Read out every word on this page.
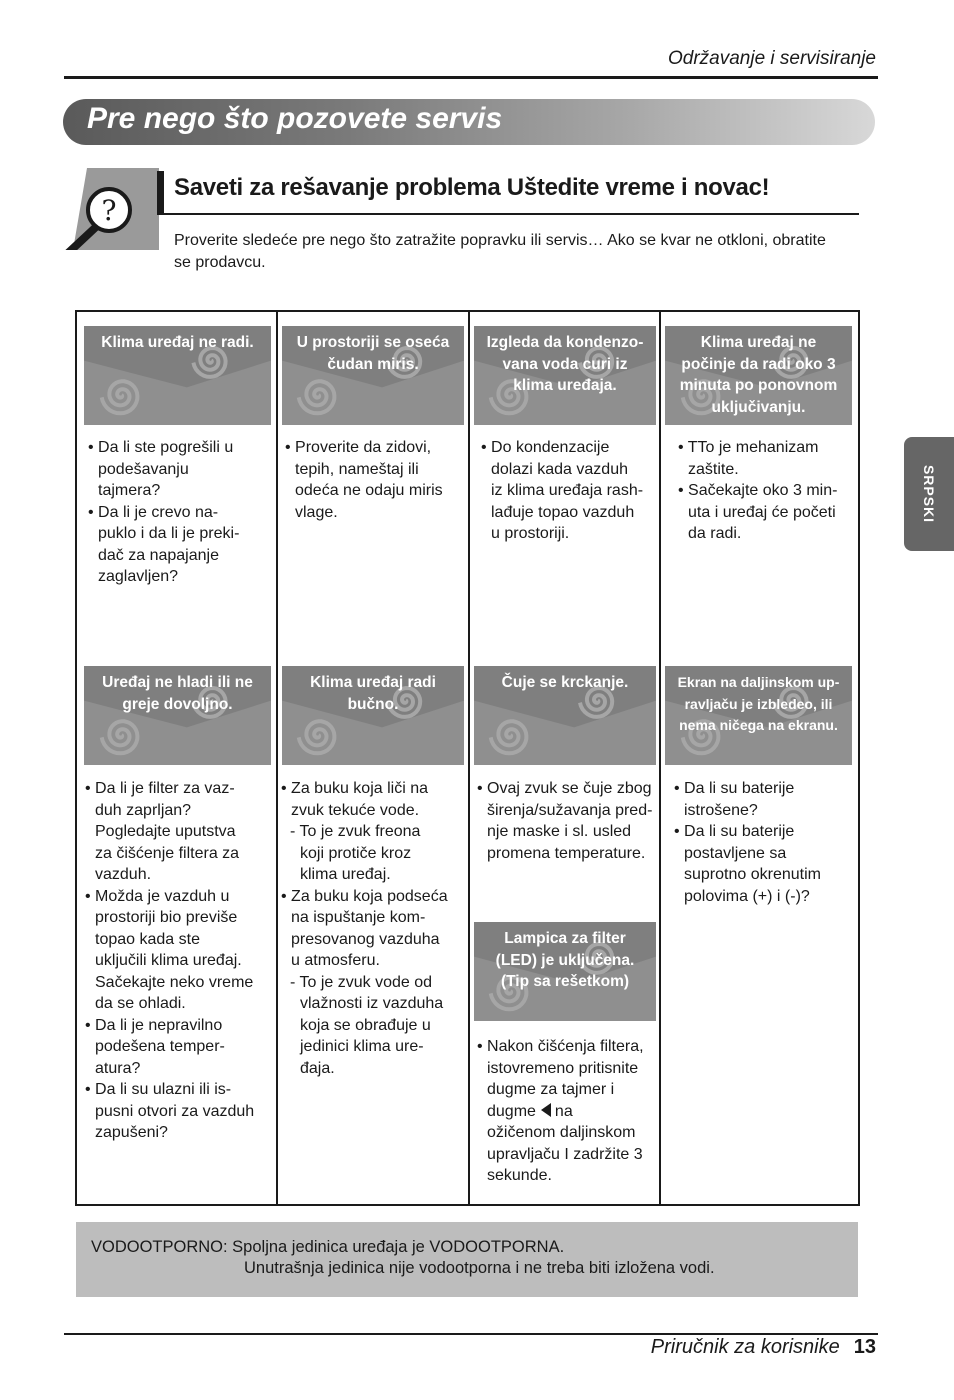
Održavanje i servisiranje
Pre nego što pozovete servis
?
Saveti za rešavanje problema Uštedite vreme i novac!
Proverite sledeće pre nego što zatražite popravku ili servis… Ako se kvar ne otkloni, obratite
se prodavcu.
Klima uređaj ne radi.
• Da li ste pogrešili u
podešavanju
tajmera?
• Da li je crevo na-
puklo i da li je preki-
dač za napajanje
zaglavljen?
U prostoriji se oseća
čudan miris.
• Proverite da zidovi,
tepih, nameštaj ili
odeća ne odaju miris
vlage.
Izgleda da kondenzo-
vana voda curi iz
klima uređaja.
• Do kondenzacije
dolazi kada vazduh
iz klima uređaja rash-
lađuje topao vazduh
u prostoriji.
Klima uređaj ne
počinje da radi oko 3
minuta po ponovnom
uključivanju.
• TTo je mehanizam
zaštite.
• Sačekajte oko 3 min-
uta i uređaj će početi
da radi.
Uređaj ne hladi ili ne
greje dovoljno.
• Da li je filter za vaz-
duh zaprljan?
Pogledajte uputstva
za čišćenje filtera za
vazduh.
• Možda je vazduh u
prostoriji bio previše
topao kada ste
uključili klima uređaj.
Sačekajte neko vreme
da se ohladi.
• Da li je nepravilno
podešena temper-
atura?
• Da li su ulazni ili is-
pusni otvori za vazduh
zapušeni?
Klima uređaj radi
bučno.
• Za buku koja liči na
zvuk tekuće vode.
- To je zvuk freona
koji protiče kroz
klima uređaj.
• Za buku koja podseća
na ispuštanje kom-
presovanog vazduha
u atmosferu.
- To je zvuk vode od
vlažnosti iz vazduha
koja se obrađuje u
jedinici klima ure-
đaja.
Čuje se krckanje.
• Ovaj zvuk se čuje zbog
širenja/sužavanja pred-
nje maske i sl. usled
promena temperature.
Ekran na daljinskom up-
ravljaču je izbledeo, ili
nema ničega na ekranu.
• Da li su baterije
istrošene?
• Da li su baterije
postavljene sa
suprotno okrenutim
polovima (+) i (-)?
Lampica za filter
(LED) je uključena.
(Tip sa rešetkom)
• Nakon čišćenja filtera,
istovremeno pritisnite
dugme za tajmer i
dugme na
ožičenom daljinskom
upravljaču I zadržite 3
sekunde.
VODOOTPORNO: Spoljna jedinica uređaja je VODOOTPORNA.
Unutrašnja jedinica nije vodootporna i ne treba biti izložena vodi.
SRPSKI
Priručnik za korisnike 13
